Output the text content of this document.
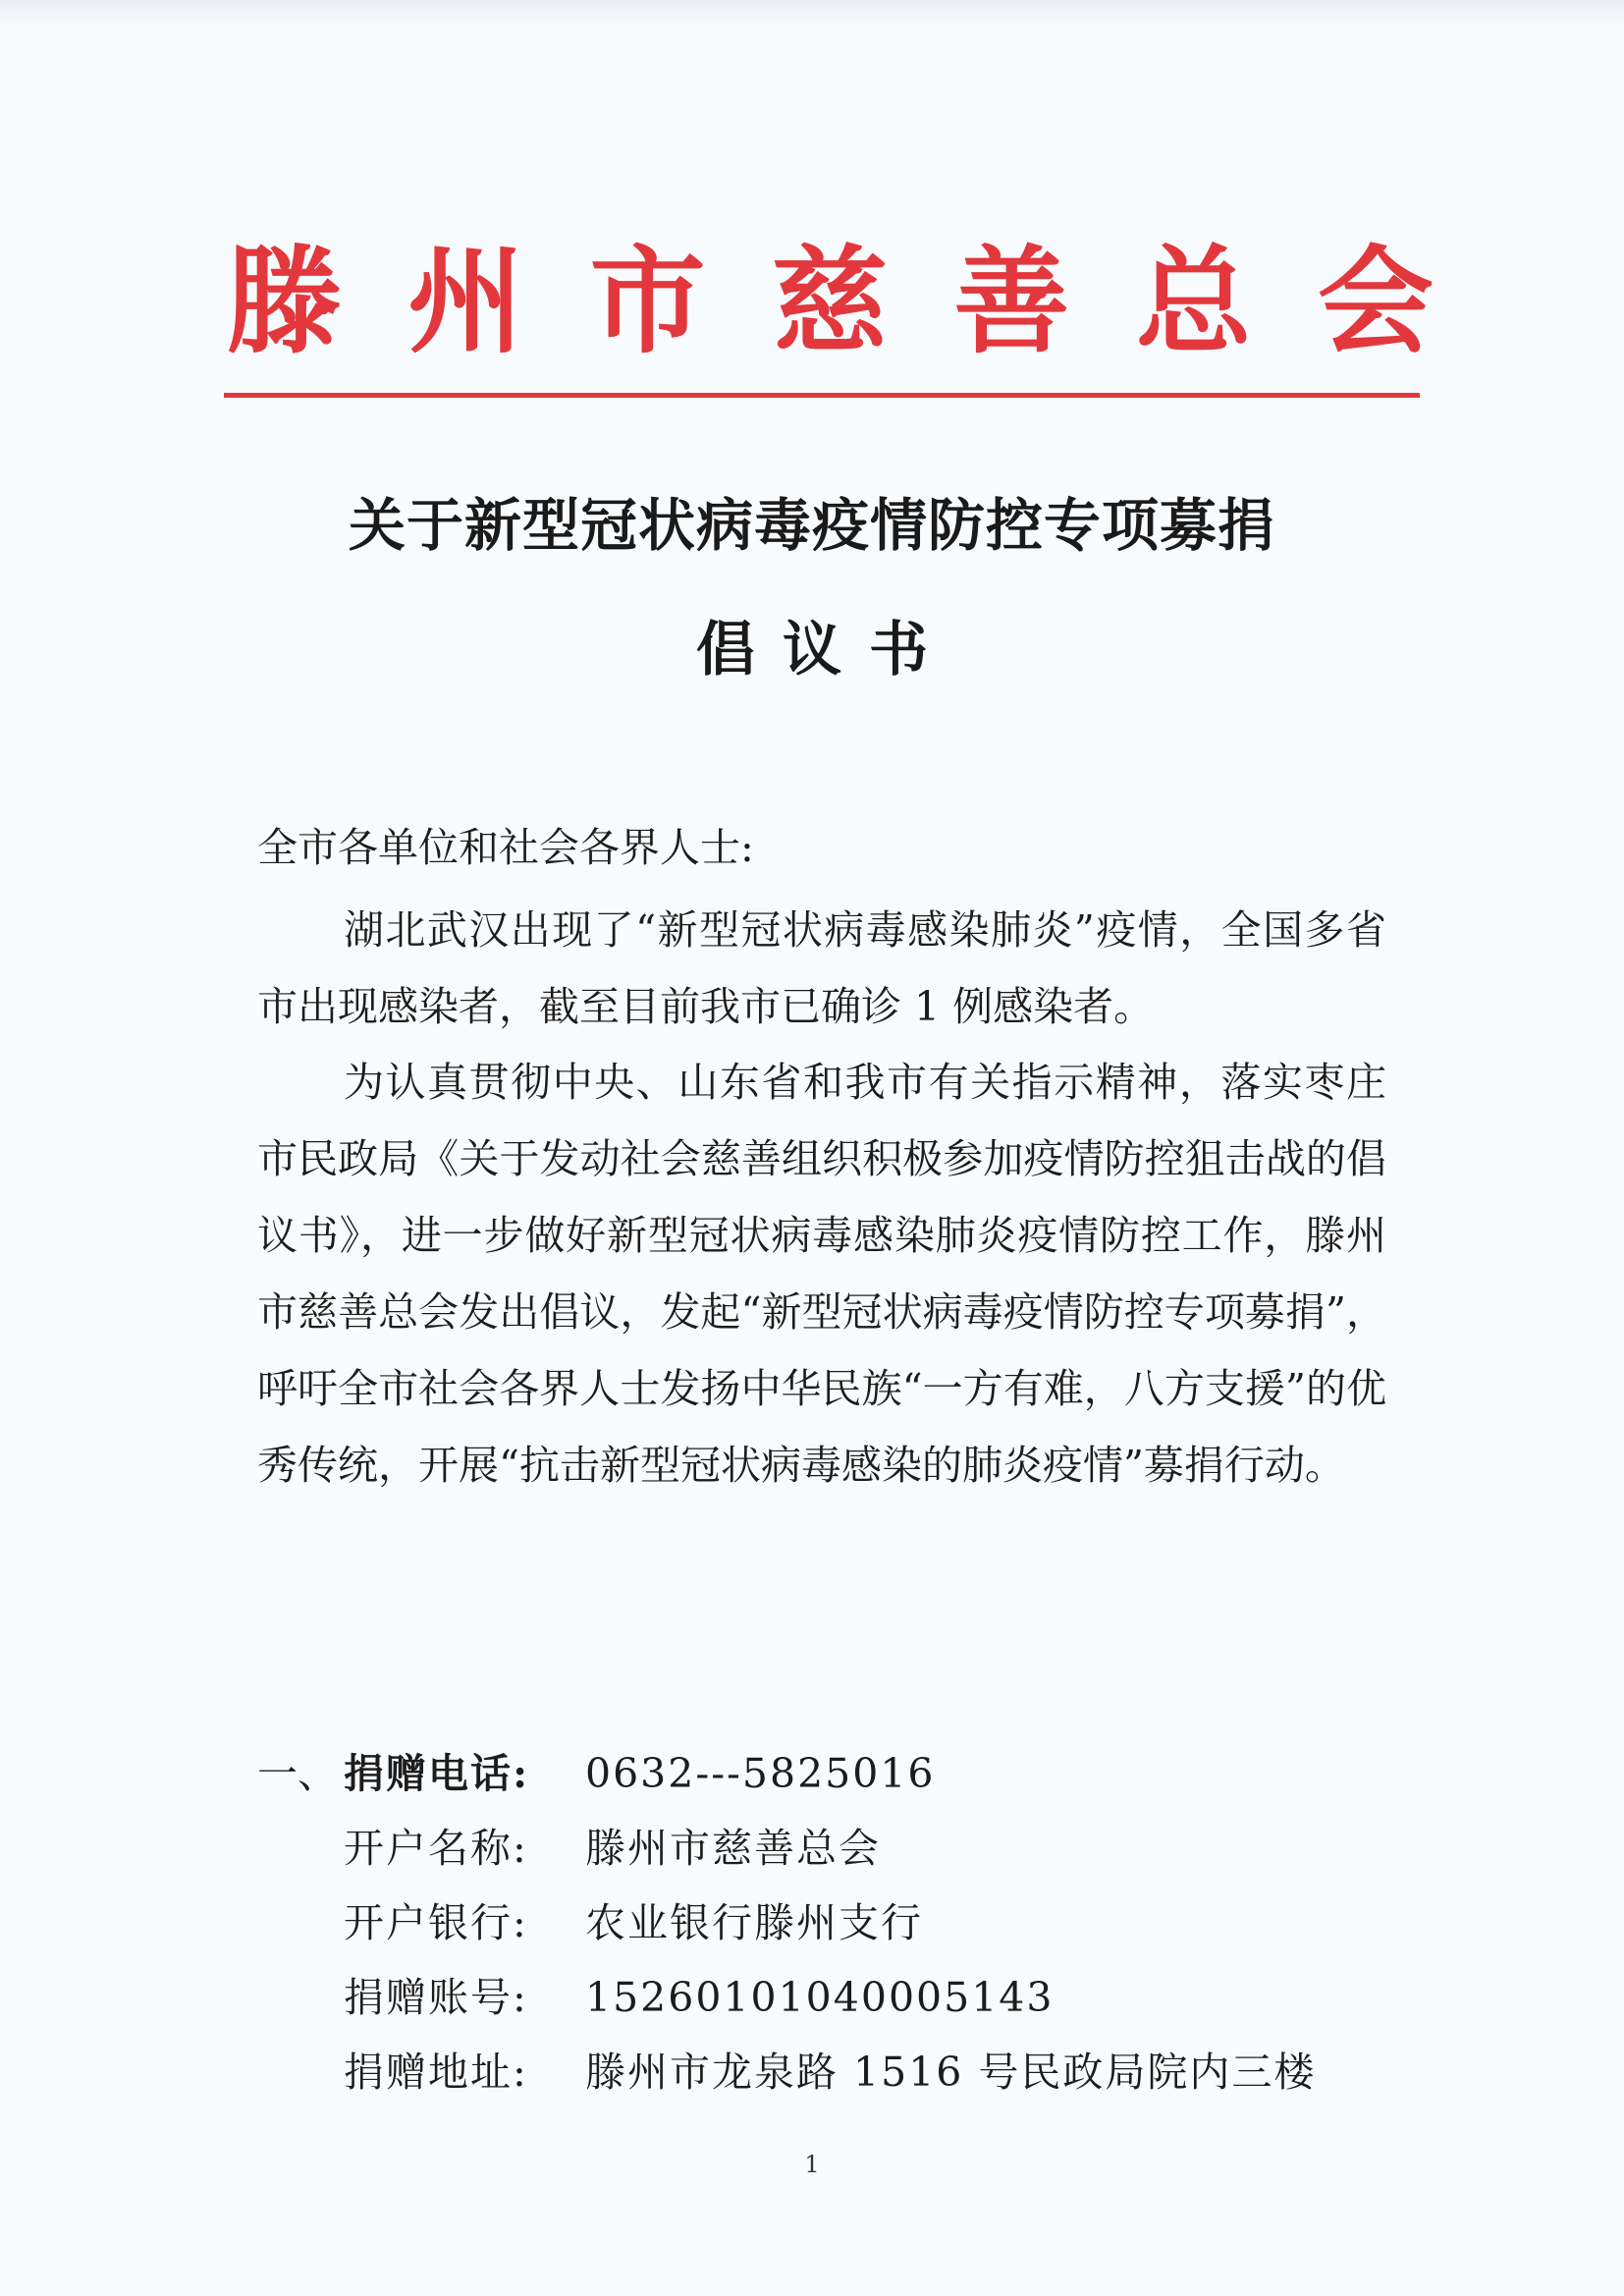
滕 州 市 慈 善 总 会
关于新型冠状病毒疫情防控专项募捐
倡议书
全市各单位和社会各界人士:

湖北武汉出现了“新型冠状病毒感染肺炎”疫情，全国多省市出现感染者，截至目前我市已确诊 1 例感染者。

为认真贯彻中央、山东省和我市有关指示精神，落实枣庄市民政局《关于发动社会慈善组织积极参加疫情防控狙击战的倡议书》，进一步做好新型冠状病毒感染肺炎疫情防控工作，滕州市慈善总会发出倡议，发起“新型冠状病毒疫情防控专项募捐”，呼吁全市社会各界人士发扬中华民族“一方有难，八方支援”的优秀传统，开展“抗击新型冠状病毒感染的肺炎疫情”募捐行动。

一、 捐赠电话:	0632---5825016
开户名称:	滕州市慈善总会
开户银行:	农业银行滕州支行
捐赠账号:	15260101040005143
捐赠地址:	滕州市龙泉路 1516 号民政局院内三楼
1
